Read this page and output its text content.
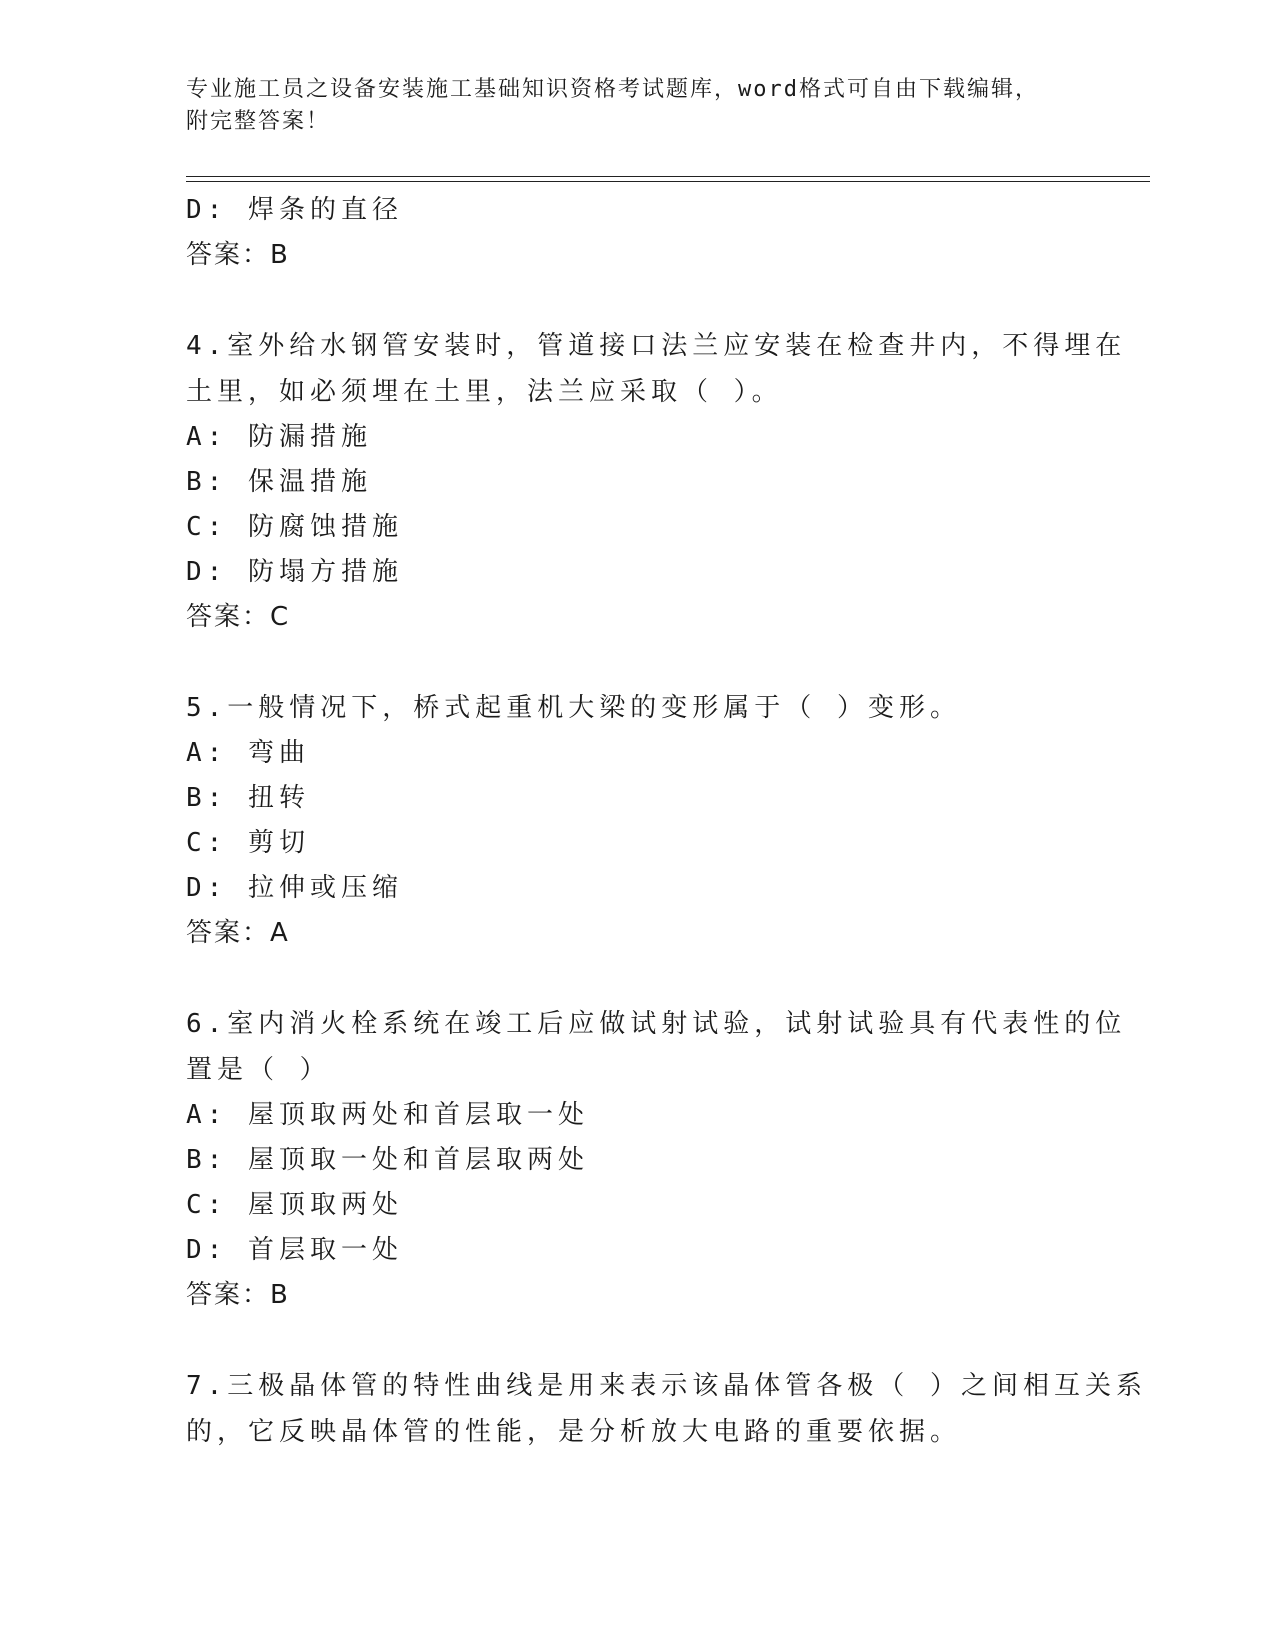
专业施工员之设备安装施工基础知识资格考试题库，word格式可自由下载编辑，
附完整答案！
D: 焊条的直径
答案：B
4.室外给水钢管安装时，管道接口法兰应安装在检查井内，不得埋在
土里，如必须埋在土里，法兰应采取（ ）。
A: 防漏措施
B: 保温措施
C: 防腐蚀措施
D: 防塌方措施
答案：C
5.一般情况下，桥式起重机大梁的变形属于（ ）变形。
A: 弯曲
B: 扭转
C: 剪切
D: 拉伸或压缩
答案：A
6.室内消火栓系统在竣工后应做试射试验，试射试验具有代表性的位
置是（ ）
A: 屋顶取两处和首层取一处
B: 屋顶取一处和首层取两处
C: 屋顶取两处
D: 首层取一处
答案：B
7.三极晶体管的特性曲线是用来表示该晶体管各极（ ）之间相互关系
的，它反映晶体管的性能，是分析放大电路的重要依据。
